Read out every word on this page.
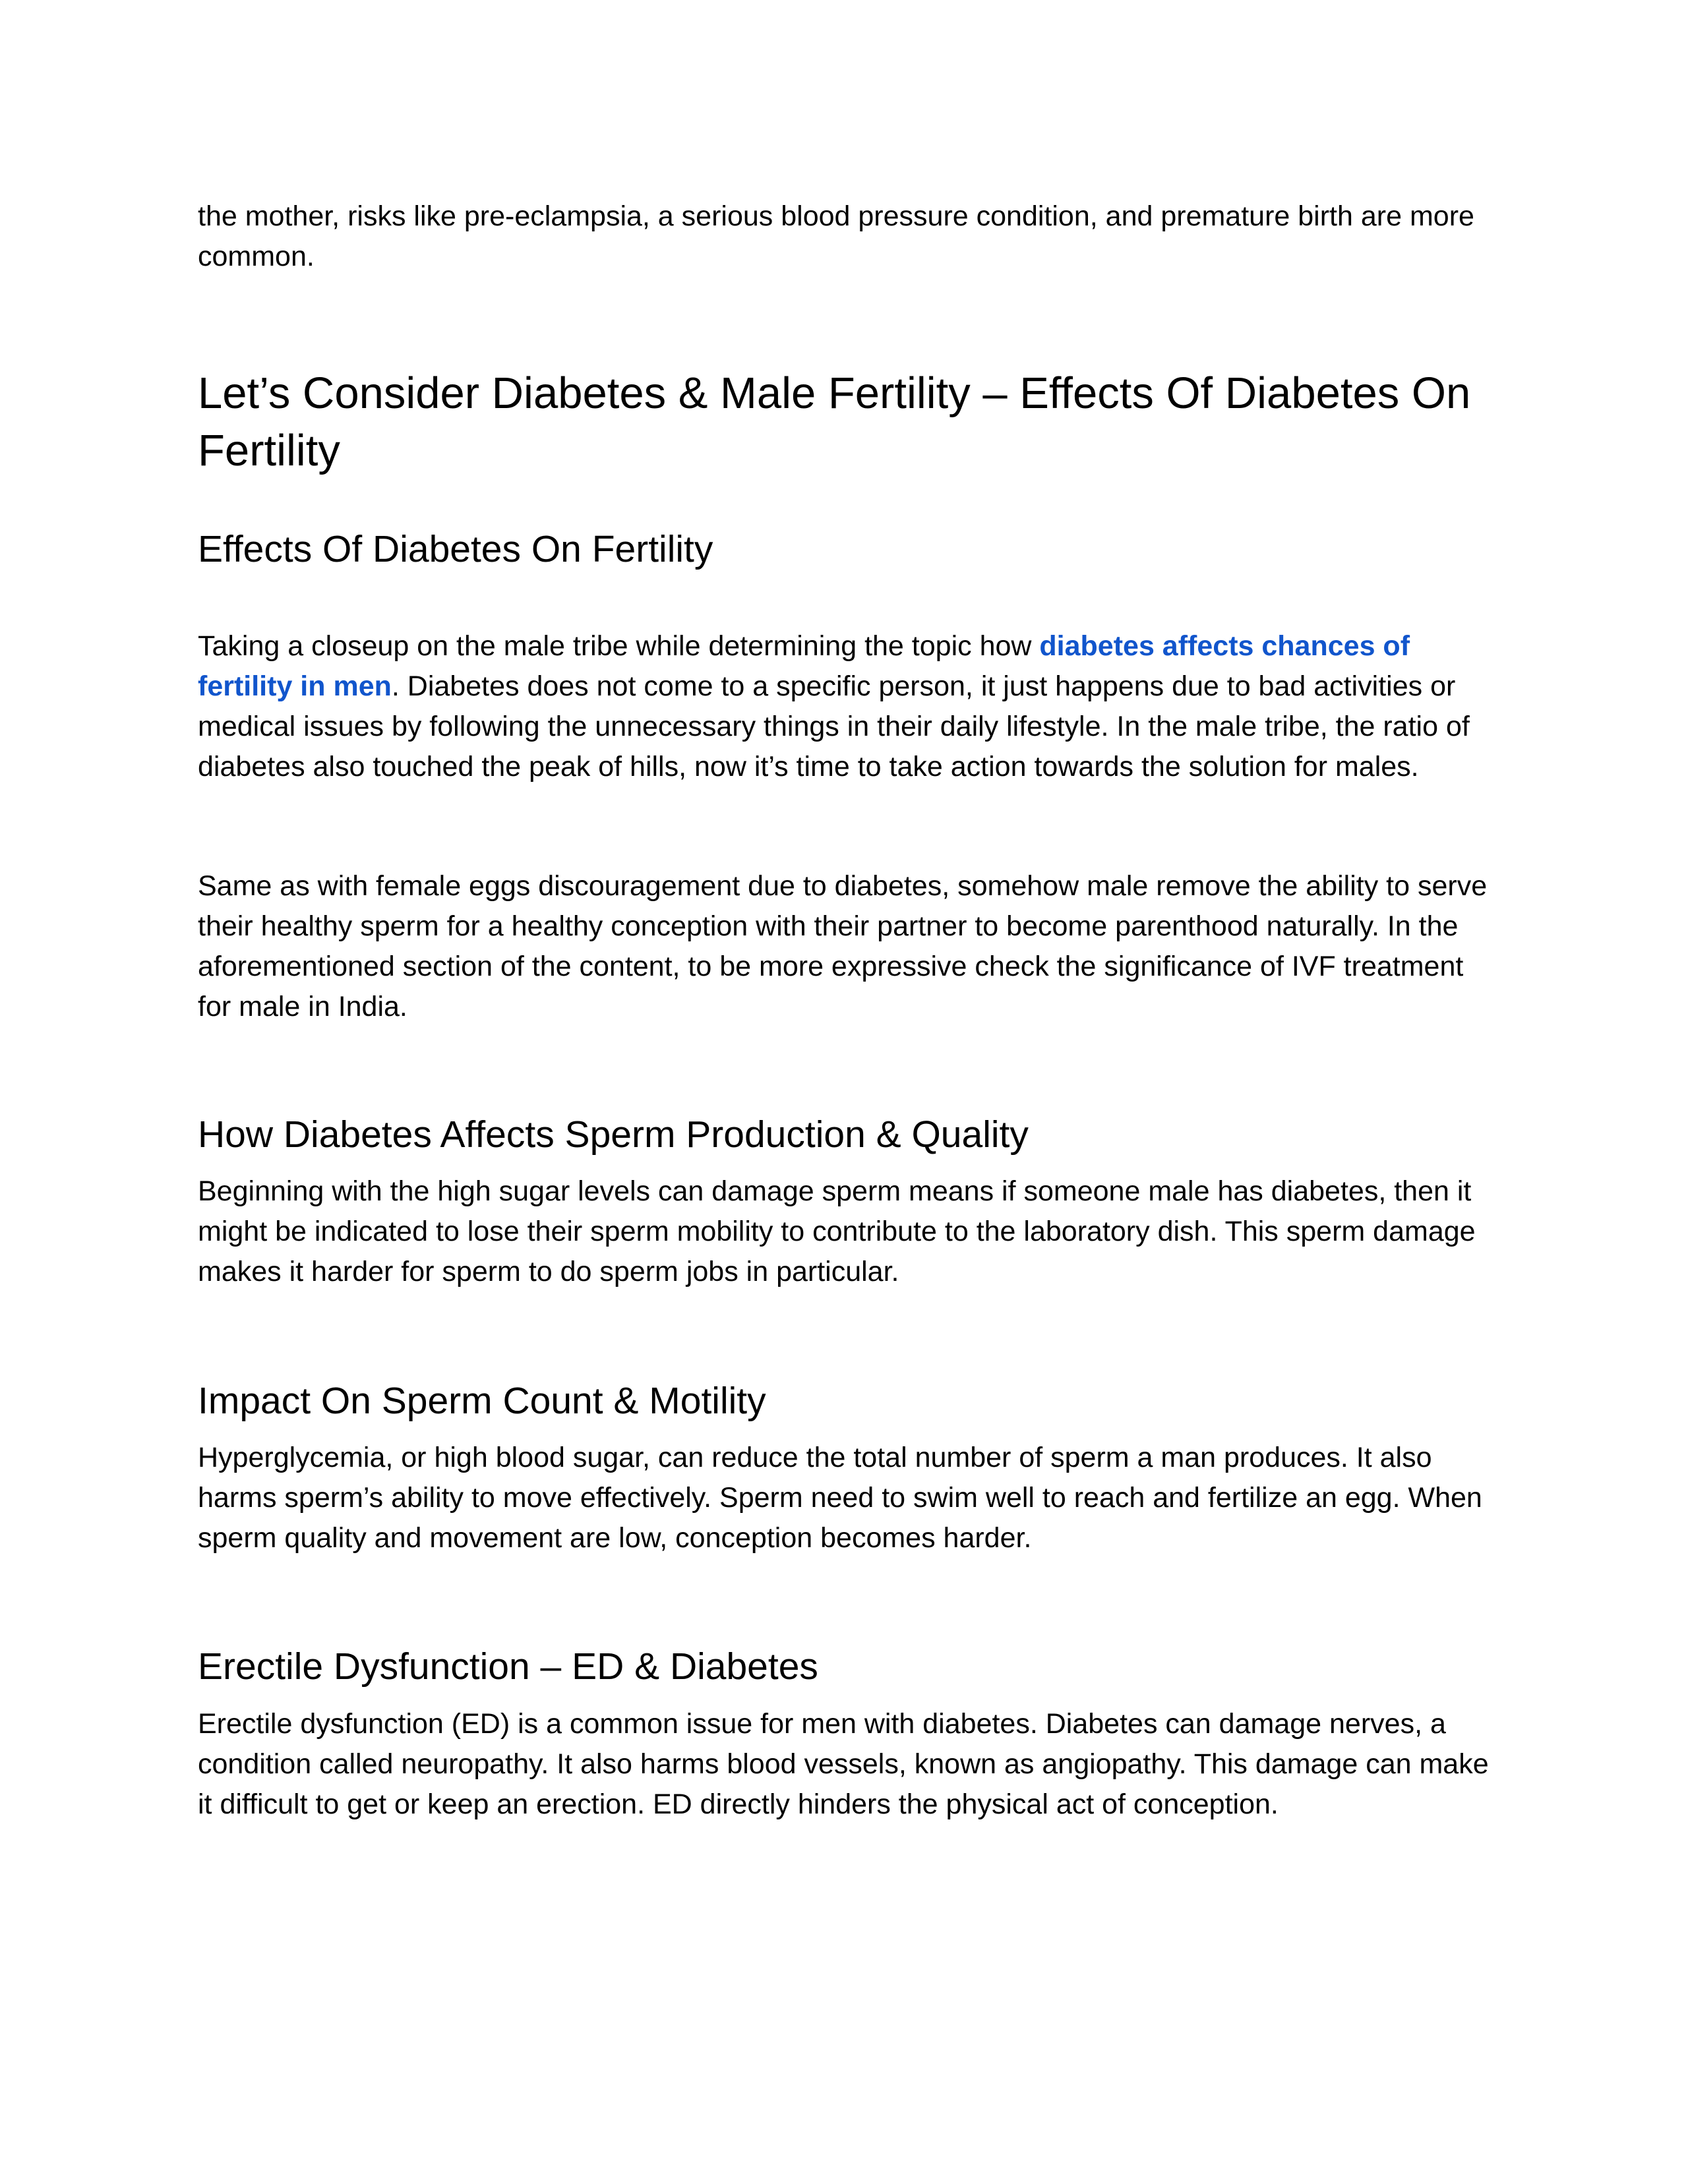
the mother, risks like pre-eclampsia, a serious blood pressure condition, and premature birth are more common.

Let’s Consider Diabetes & Male Fertility – Effects Of Diabetes On Fertility
Effects Of Diabetes On Fertility

Taking a closeup on the male tribe while determining the topic how diabetes affects chances of fertility in men. Diabetes does not come to a specific person, it just happens due to bad activities or medical issues by following the unnecessary things in their daily lifestyle. In the male tribe, the ratio of diabetes also touched the peak of hills, now it’s time to take action towards the solution for males.

Same as with female eggs discouragement due to diabetes, somehow male remove the ability to serve their healthy sperm for a healthy conception with their partner to become parenthood naturally. In the aforementioned section of the content, to be more expressive check the significance of IVF treatment for male in India.

How Diabetes Affects Sperm Production & Quality

Beginning with the high sugar levels can damage sperm means if someone male has diabetes, then it might be indicated to lose their sperm mobility to contribute to the laboratory dish. This sperm damage makes it harder for sperm to do sperm jobs in particular.

Impact On Sperm Count & Motility

Hyperglycemia, or high blood sugar, can reduce the total number of sperm a man produces. It also harms sperm’s ability to move effectively. Sperm need to swim well to reach and fertilize an egg. When sperm quality and movement are low, conception becomes harder.

Erectile Dysfunction – ED & Diabetes

Erectile dysfunction (ED) is a common issue for men with diabetes. Diabetes can damage nerves, a condition called neuropathy. It also harms blood vessels, known as angiopathy. This damage can make it difficult to get or keep an erection. ED directly hinders the physical act of conception.
